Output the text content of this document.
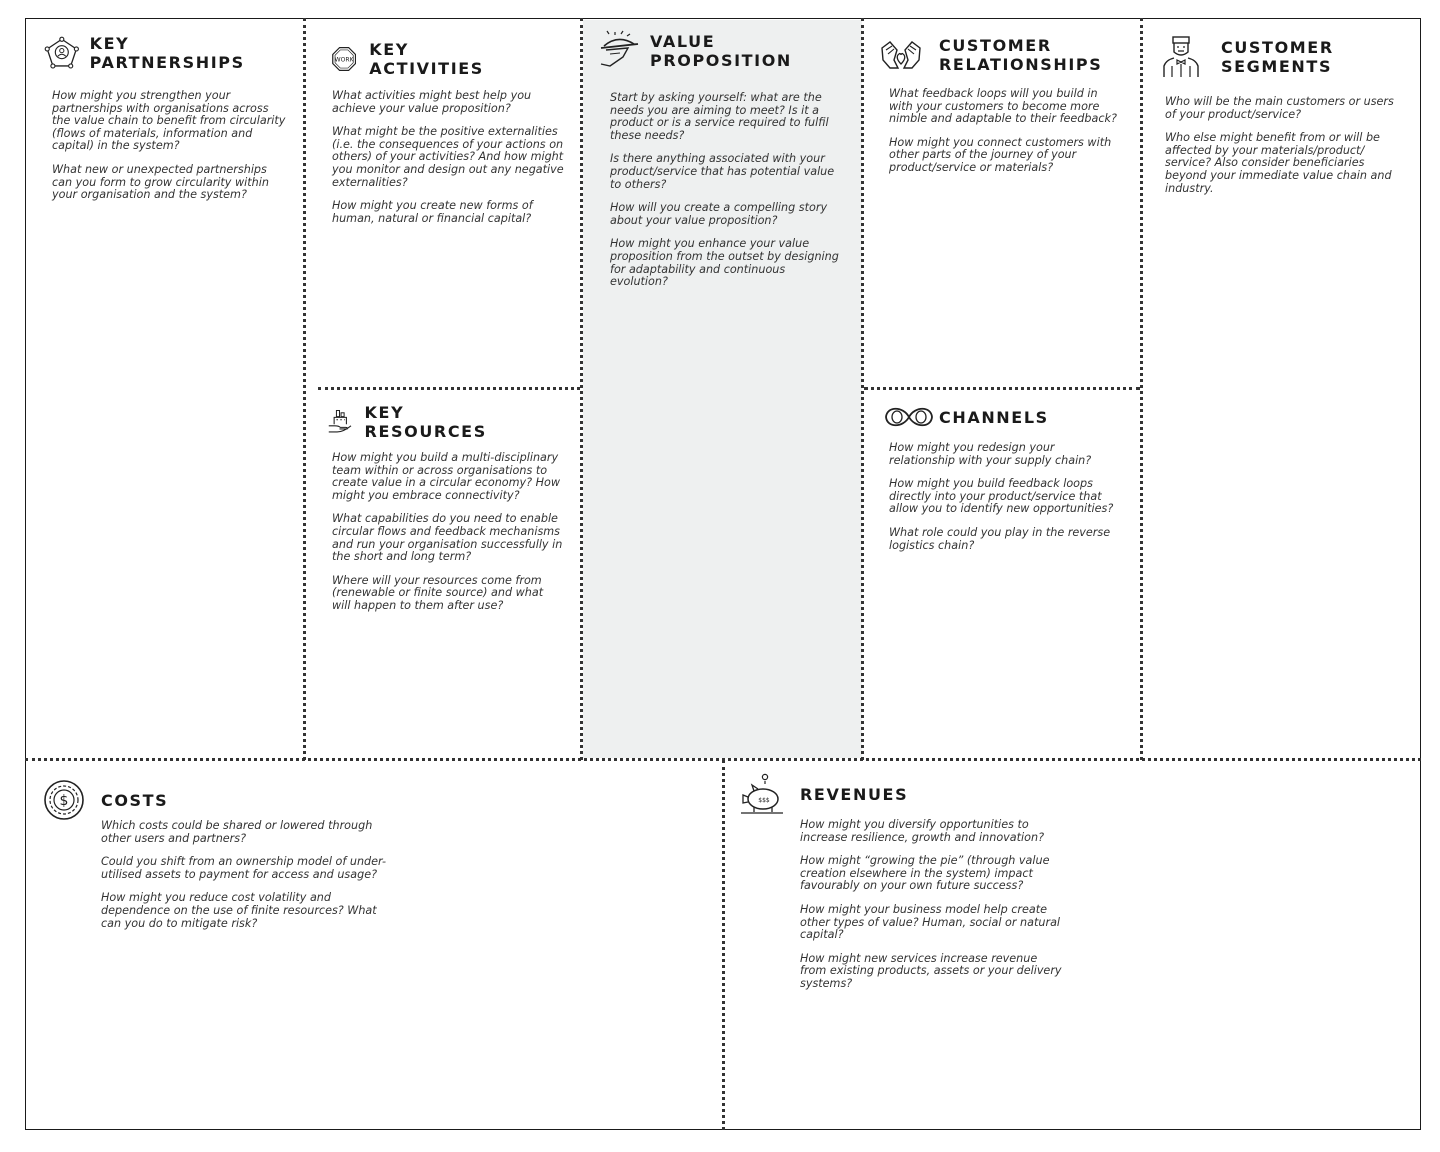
KEY PARTNERSHIPS

How might you strengthen your partnerships with organisations across the value chain to benefit from circularity (flows of materials, information and capital) in the system?

What new or unexpected partnerships can you form to grow circularity within your organisation and the system?

WORK
KEY ACTIVITIES

What activities might best help you achieve your value proposition?

What might be the positive externalities (i.e. the consequences of your actions on others) of your activities? And how might you monitor and design out any negative externalities?

How might you create new forms of human, natural or financial capital?

KEY RESOURCES

How might you build a multi-disciplinary team within or across organisations to create value in a circular economy? How might you embrace connectivity?

What capabilities do you need to enable circular flows and feedback mechanisms and run your organisation successfully in the short and long term?

Where will your resources come from (renewable or finite source) and what will happen to them after use?

VALUE
PROPOSITION

Start by asking yourself: what are the needs you are aiming to meet? Is it a product or is a service required to fulfil these needs?

Is there anything associated with your product/service that has potential value to others?

How will you create a compelling story about your value proposition?

How might you enhance your value proposition from the outset by designing for adaptability and continuous evolution?

CUSTOMER
RELATIONSHIPS

What feedback loops will you build in with your customers to become more nimble and adaptable to their feedback?

How might you connect customers with other parts of the journey of your product/service or materials?

CHANNELS

How might you redesign your relationship with your supply chain?

How might you build feedback loops directly into your product/service that allow you to identify new opportunities?

What role could you play in the reverse logistics chain?

CUSTOMER
SEGMENTS

Who will be the main customers or users of your product/service?

Who else might benefit from or will be affected by your materials/product/ service? Also consider beneficiaries beyond your immediate value chain and industry.

$ COSTS

Which costs could be shared or lowered through other users and partners?

Could you shift from an ownership model of under-utilised assets to payment for access and usage?

How might you reduce cost volatility and dependence on the use of finite resources? What can you do to mitigate risk?

$$$ REVENUES

How might you diversify opportunities to increase resilience, growth and innovation?

How might “growing the pie” (through value creation elsewhere in the system) impact favourably on your own future success?

How might your business model help create other types of value? Human, social or natural capital?

How might new services increase revenue from existing products, assets or your delivery systems?
